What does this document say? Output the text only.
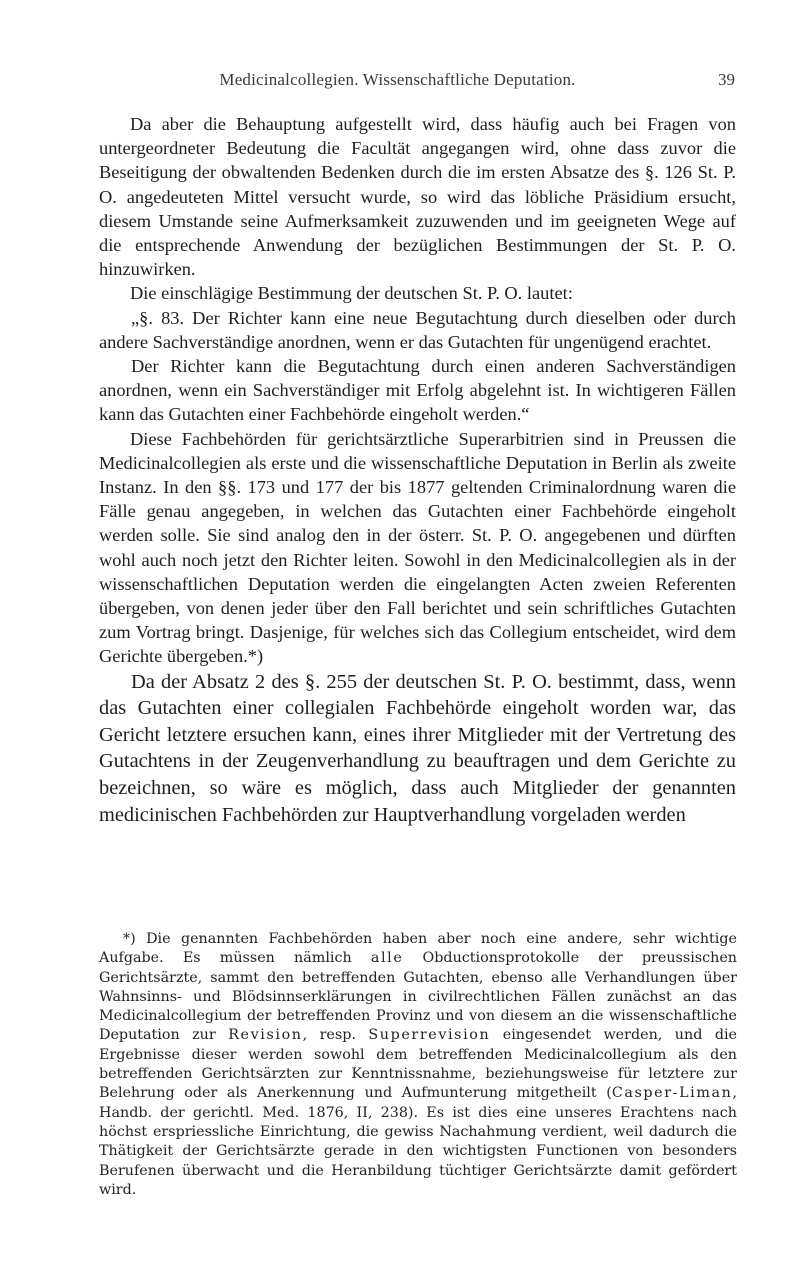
Medicinalcollegien. Wissenschaftliche Deputation.	39

Da aber die Behauptung aufgestellt wird, dass häufig auch bei Fragen von untergeordneter Bedeutung die Facultät angegangen wird, ohne dass zuvor die Beseitigung der obwaltenden Bedenken durch die im ersten Absatze des §. 126 St. P. O. angedeuteten Mittel versucht wurde, so wird das löbliche Präsidium ersucht, diesem Umstande seine Aufmerksamkeit zuzuwenden und im geeigneten Wege auf die entsprechende Anwendung der bezüglichen Bestimmungen der St. P. O. hinzuwirken.

Die einschlägige Bestimmung der deutschen St. P. O. lautet:

„§. 83. Der Richter kann eine neue Begutachtung durch dieselben oder durch andere Sachverständige anordnen, wenn er das Gutachten für ungenügend erachtet.

Der Richter kann die Begutachtung durch einen anderen Sachverständigen anordnen, wenn ein Sachverständiger mit Erfolg abgelehnt ist. In wichtigeren Fällen kann das Gutachten einer Fachbehörde eingeholt werden.“

Diese Fachbehörden für gerichtsärztliche Superarbitrien sind in Preussen die Medicinalcollegien als erste und die wissenschaftliche Deputation in Berlin als zweite Instanz. In den §§. 173 und 177 der bis 1877 geltenden Criminalordnung waren die Fälle genau angegeben, in welchen das Gutachten einer Fachbehörde eingeholt werden solle. Sie sind analog den in der österr. St. P. O. angegebenen und dürften wohl auch noch jetzt den Richter leiten. Sowohl in den Medicinalcollegien als in der wissenschaftlichen Deputation werden die eingelangten Acten zweien Referenten übergeben, von denen jeder über den Fall berichtet und sein schriftliches Gutachten zum Vortrag bringt. Dasjenige, für welches sich das Collegium entscheidet, wird dem Gerichte übergeben.*)

Da der Absatz 2 des §. 255 der deutschen St. P. O. bestimmt, dass, wenn das Gutachten einer collegialen Fachbehörde eingeholt worden war, das Gericht letztere ersuchen kann, eines ihrer Mitglieder mit der Vertretung des Gutachtens in der Zeugenverhandlung zu beauftragen und dem Gerichte zu bezeichnen, so wäre es möglich, dass auch Mitglieder der genannten medicinischen Fachbehörden zur Hauptverhandlung vorgeladen werden

*) Die genannten Fachbehörden haben aber noch eine andere, sehr wichtige Aufgabe. Es müssen nämlich alle Obductionsprotokolle der preussischen Gerichtsärzte, sammt den betreffenden Gutachten, ebenso alle Verhandlungen über Wahnsinns- und Blödsinnserklärungen in civilrechtlichen Fällen zunächst an das Medicinalcollegium der betreffenden Provinz und von diesem an die wissenschaftliche Deputation zur Revision, resp. Superrevision eingesendet werden, und die Ergebnisse dieser werden sowohl dem betreffenden Medicinalcollegium als den betreffenden Gerichtsärzten zur Kenntnissnahme, beziehungsweise für letztere zur Belehrung oder als Anerkennung und Aufmunterung mitgetheilt (Casper-Liman, Handb. der gerichtl. Med. 1876, II, 238). Es ist dies eine unseres Erachtens nach höchst erspriessliche Einrichtung, die gewiss Nachahmung verdient, weil dadurch die Thätigkeit der Gerichtsärzte gerade in den wichtigsten Functionen von besonders Berufenen überwacht und die Heranbildung tüchtiger Gerichtsärzte damit gefördert wird.
